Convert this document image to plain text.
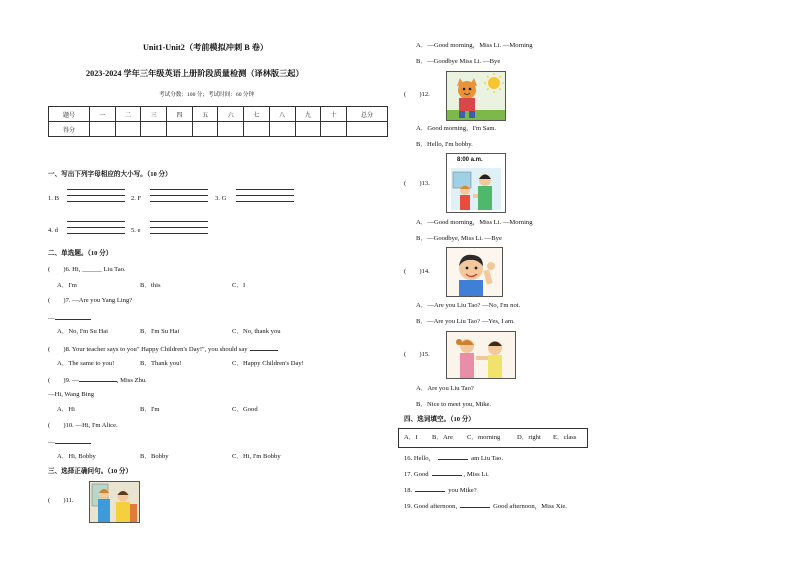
Unit1-Unit2（考前模拟冲刺 B 卷）
2023-2024 学年三年级英语上册阶段质量检测（译林版三起）
考试分数：100 分；考试时间：60 分钟
题号	一	二	三	四	五	六	七	八	九	十	总分
得分											
一、写出下列字母相应的大小写。（10 分）
1. B	2. F	3. G
4. d	5. e
二、单选题。（10 分）
(　　)6. Hi, ______ Liu Tao.
A．I'm	B．this	C．I
(　　)7. —Are you Yang Ling?
—
A．No, I'm Su Hai	B．I'm Su Hai	C．No, thank you
(　　)8. Your teacher says to you" Happy Children's Day!", you should say
A．The same to you!	B．Thank you!	C．Happy Children's Day!
(　　)9. —	, Miss Zhu.
—Hi, Wang Bing
A．Hi	B．I'm	C．Good
(　　)10. —Hi, I'm Alice.
—
A．Hi, Bobby	B．Bobby	C．Hi, I'm Bobby
三、选择正确问句。（10 分）
(　　)11.
A．—Good morning，Miss Li. —Morning
B．—Goodbye Miss Li. —Bye
(　　)12.
A．Good morning，I'm Sam.
B．Hello, I'm bobby.
(　　)13.
8:00 a.m.
A．—Good morning，Miss Li. —Morning
B．—Goodbye, Miss Li. —Bye
(　　)14.
A．—Are you Liu Tao? —No, I'm not.
B．—Are you Liu Tao? —Yes, I am.
(　　)15.
A．Are you Liu Tao?
B．Nice to meet you, Mike.
四、选词填空。（10 分）
A．I B．Are C．morning	D．right E．class
16. Hello，	am Liu Tao.
17. Good	, Miss Li.
18.	you Mike?
19. Good afternoon,	Good afternoon，Miss Xie.
